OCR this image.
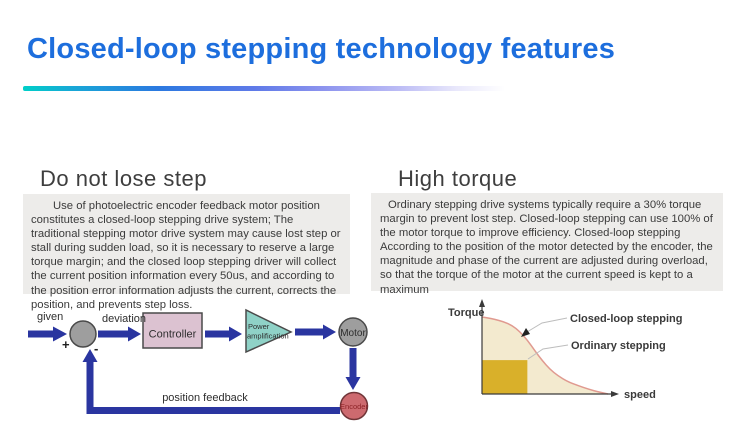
Closed-loop stepping technology features
Do not lose step	High torque
Use of photoelectric encoder feedback motor position constitutes a closed-loop stepping drive system; The traditional stepping motor drive system may cause lost step or stall during sudden load, so it is necessary to reserve a large torque margin; and the closed loop stepping driver will collect the current position information every 50us, and according to the position error information adjusts the current, corrects the position, and prevents step loss.
Ordinary stepping drive systems typically require a 30% torque margin to prevent lost step. Closed-loop stepping can use 100% of the motor torque to improve efficiency. Closed-loop stepping According to the position of the motor detected by the encoder, the magnitude and phase of the current are adjusted during overload, so that the torque of the motor at the current speed is kept to a maximum
given	deviation
+ -
Controller
Power
amplification	Motor
Encoder
position feedback
Torque
speed
Closed-loop stepping
Ordinary stepping
